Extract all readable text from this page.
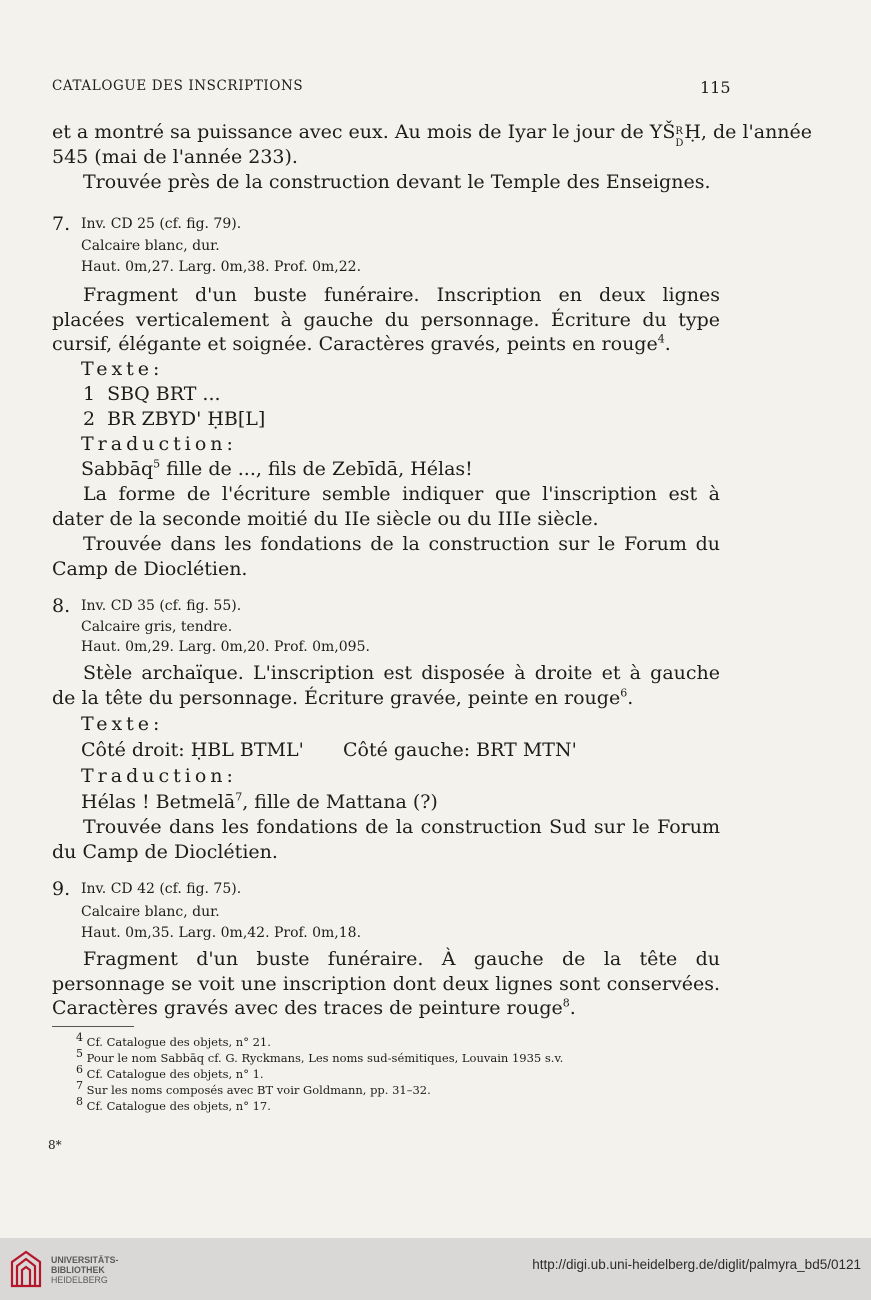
CATALOGUE DES INSCRIPTIONS	115
et a montré sa puissance avec eux. Au mois de Iyar le jour de YŠ R
D
Ḥ, de l'année
545 (mai de l'année 233).
Trouvée près de la construction devant le Temple des Enseignes.
7. Inv. CD 25 (cf. fig. 79).
Calcaire blanc, dur.
Haut. 0m,27. Larg. 0m,38. Prof. 0m,22.
Fragment d'un buste funéraire. Inscription en deux lignes placées verticalement à gauche du personnage. Écriture du type cursif, élégante et soignée. Caractères gravés, peints en rouge$^4$.
Texte:
1  SBQ BRT ...
2  BR ZBYD' ḤB[L]
Traduction:
Sabbāq$^5$ fille de ..., fils de Zebīdā, Hélas!
La forme de l'écriture semble indiquer que l'inscription est à dater de la seconde moitié du IIe siècle ou du IIIe siècle.
Trouvée dans les fondations de la construction sur le Forum du Camp de Dioclétien.
8. Inv. CD 35 (cf. fig. 55).
Calcaire gris, tendre.
Haut. 0m,29. Larg. 0m,20. Prof. 0m,095.
Stèle archaïque. L'inscription est disposée à droite et à gauche de la tête du personnage. Écriture gravée, peinte en rouge$^6$.
Texte:
Côté droit: ḤBL BTML' Côté gauche: BRT MTN'
Traduction:
Hélas ! Betmelā$^7$, fille de Mattana (?)
Trouvée dans les fondations de la construction Sud sur le Forum du Camp de Dioclétien.
9. Inv. CD 42 (cf. fig. 75).
Calcaire blanc, dur.
Haut. 0m,35. Larg. 0m,42. Prof. 0m,18.
Fragment d'un buste funéraire. À gauche de la tête du personnage se voit une inscription dont deux lignes sont conservées. Caractères gravés avec des traces de peinture rouge$^8$.
4 Cf. Catalogue des objets, n° 21.
5 Pour le nom Sabbāq cf. G. Ryckmans, Les noms sud-sémitiques, Louvain 1935 s.v.
6 Cf. Catalogue des objets, n° 1.
7 Sur les noms composés avec BT voir Goldmann, pp. 31–32.
8 Cf. Catalogue des objets, n° 17.
8*
UNIVERSITÄTS-
BIBLIOTHEK
HEIDELBERG
http://digi.ub.uni-heidelberg.de/diglit/palmyra_bd5/0121
